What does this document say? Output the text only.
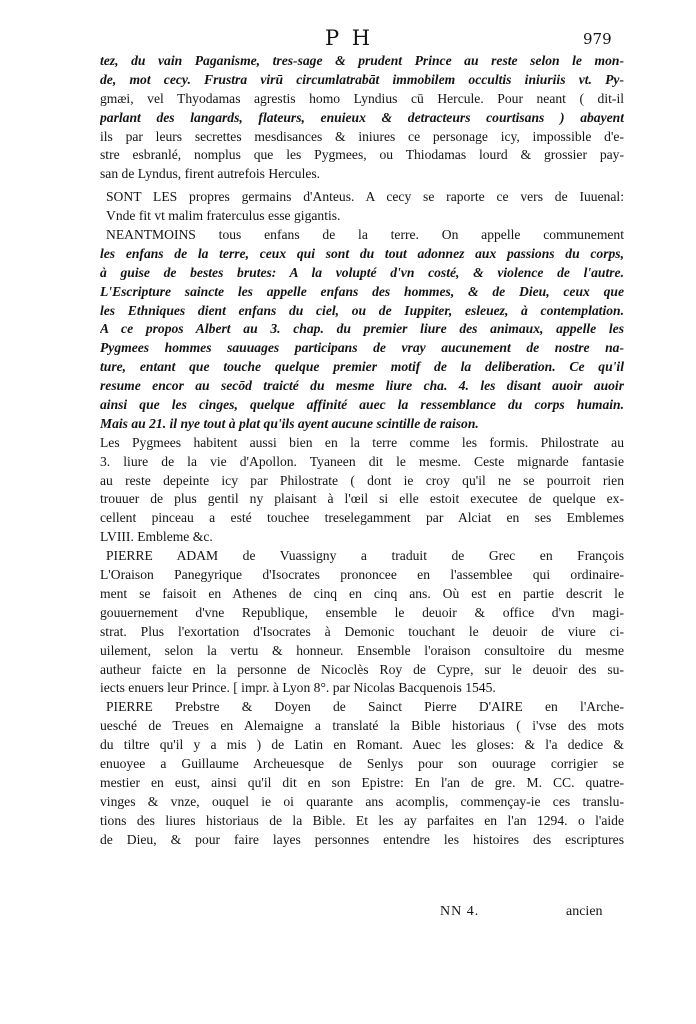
P H	979
tez, du vain Paganisme, tres-sage & prudent Prince au reste selon le mon-
de, mot cecy. Frustra virū circumlatrabāt immobilem occultis iniuriis vt. Py-
gmæi, vel Thyodamas agrestis homo Lyndius cū Hercule. Pour neant ( dit-il
parlant des langards, flateurs, enuieux & detracteurs courtisans ) abayent
ils par leurs secrettes mesdisances & iniures ce personage icy, impossible d'e-
stre esbranlé, nomplus que les Pygmees, ou Thiodamas lourd & grossier pay-
san de Lyndus, firent autrefois Hercules.
SONT LES propres germains d'Anteus. A cecy se raporte ce vers de Iuuenal:
Vnde fit vt malim fraterculus esse gigantis.
NEANTMOINS tous enfans de la terre. On appelle communement
les enfans de la terre, ceux qui sont du tout adonnez aux passions du corps,
à guise de bestes brutes: A la volupté d'vn costé, & violence de l'autre.
L'Escripture saincte les appelle enfans des hommes, & de Dieu, ceux que
les Ethniques dient enfans du ciel, ou de Iuppiter, esleuez, à contemplation.
A ce propos Albert au 3. chap. du premier liure des animaux, appelle les
Pygmees hommes sauuages participans de vray aucunement de nostre na-
ture, entant que touche quelque premier motif de la deliberation. Ce qu'il
resume encor au secōd traicté du mesme liure cha. 4. les disant auoir auoir
ainsi que les cinges, quelque affinité auec la ressemblance du corps humain.
Mais au 21. il nye tout à plat qu'ils ayent aucune scintille de raison.
Les Pygmees habitent aussi bien en la terre comme les formis. Philostrate au
3. liure de la vie d'Apollon. Tyaneen dit le mesme. Ceste mignarde fantasie
au reste depeinte icy par Philostrate ( dont ie croy qu'il ne se pourroit rien
trouuer de plus gentil ny plaisant à l'œil si elle estoit executee de quelque ex-
cellent pinceau a esté touchee treselegamment par Alciat en ses Emblemes
LVIII. Embleme &c.
PIERRE ADAM de Vuassigny a traduit de Grec en François
L'Oraison Panegyrique d'Isocrates prononcee en l'assemblee qui ordinaire-
ment se faisoit en Athenes de cinq en cinq ans. Où est en partie descrit le
gouuernement d'vne Republique, ensemble le deuoir & office d'vn magi-
strat. Plus l'exortation d'Isocrates à Demonic touchant le deuoir de viure ci-
uilement, selon la vertu & honneur. Ensemble l'oraison consultoire du mesme
autheur faicte en la personne de Nicoclès Roy de Cypre, sur le deuoir des su-
iects enuers leur Prince. [ impr. à Lyon 8°. par Nicolas Bacquenois 1545.
PIERRE Prebstre & Doyen de Sainct Pierre D'AIRE en l'Arche-
uesché de Treues en Alemaigne a translaté la Bible historiaus ( i'vse des mots
du tiltre qu'il y a mis ) de Latin en Romant. Auec les gloses: & l'a dedice &
enuoyee a Guillaume Archeuesque de Senlys pour son ouurage corrigier se
mestier en eust, ainsi qu'il dit en son Epistre: En l'an de gre. M. CC. quatre-
vinges & vnze, ouquel ie oi quarante ans acomplis, commençay-ie ces translu-
tions des liures historiaus de la Bible. Et les ay parfaites en l'an 1294. o l'aide
de Dieu, & pour faire layes personnes entendre les histoires des escriptures
NN 4.	ancien
